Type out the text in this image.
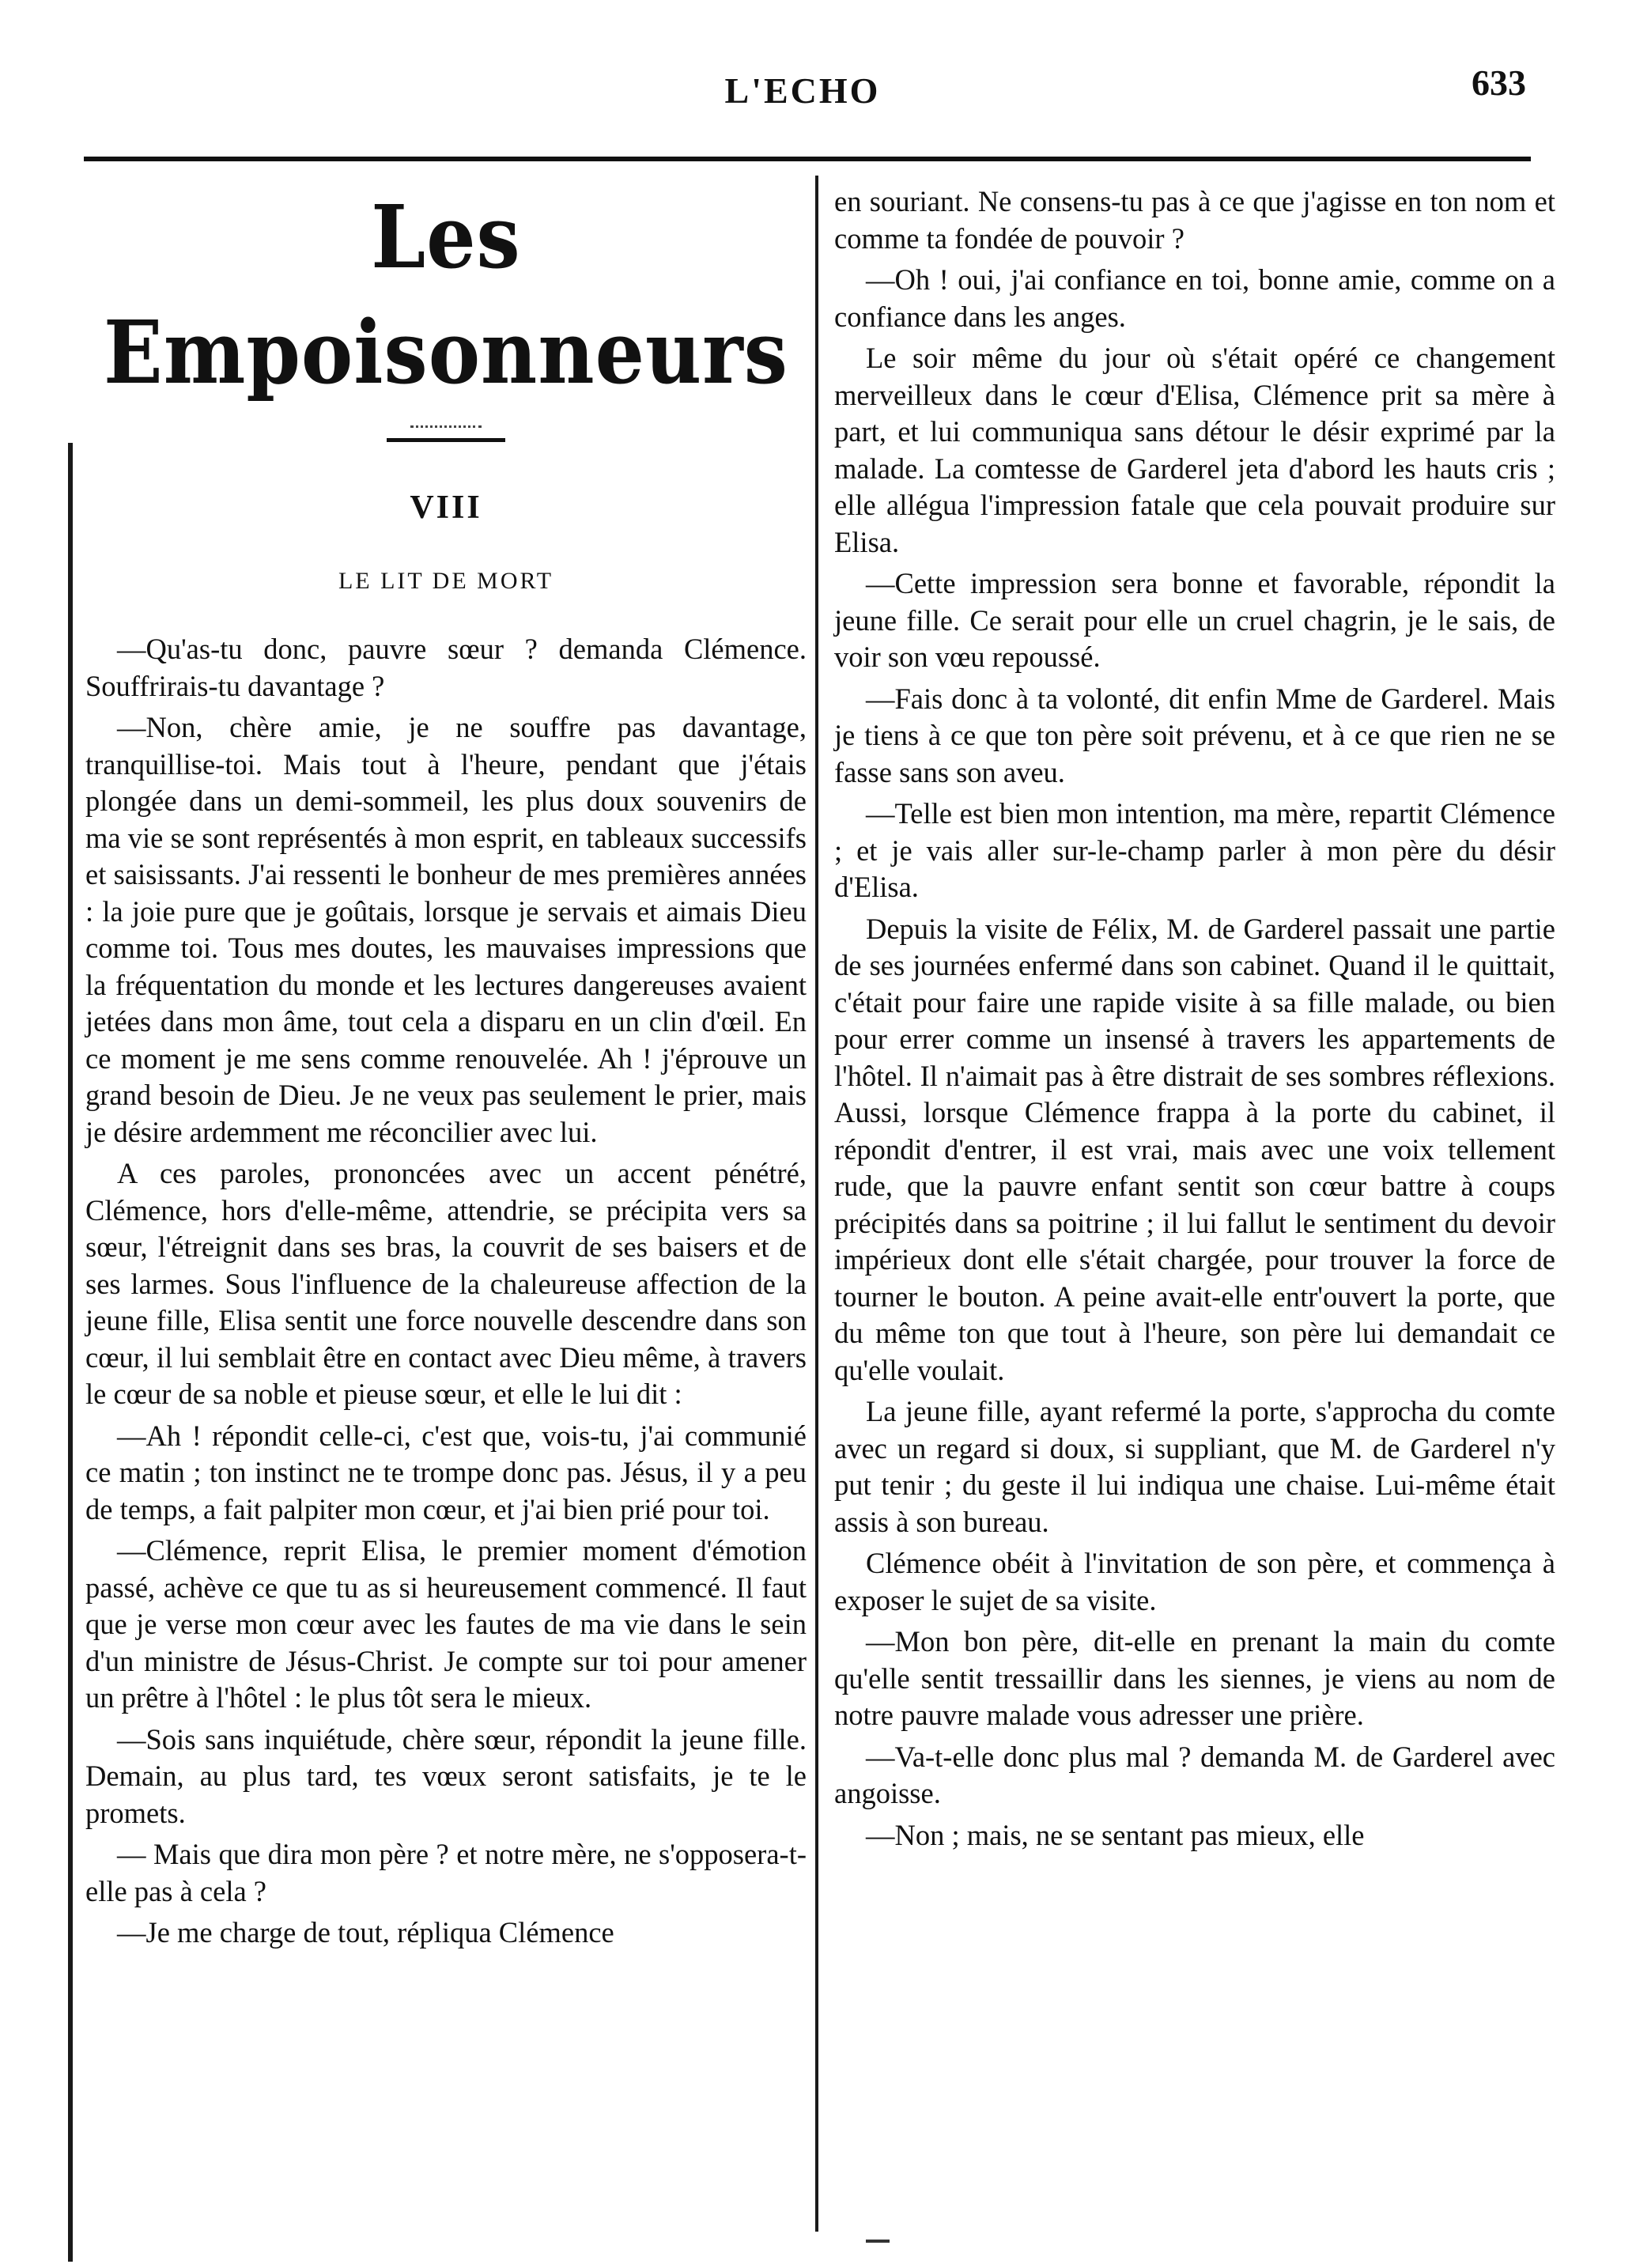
L'ECHO	633
Les Empoisonneurs
VIII
LE LIT DE MORT

—Qu'as-tu donc, pauvre sœur ? demanda Clémence. Souffrirais-tu davantage ?

—Non, chère amie, je ne souffre pas davantage, tranquillise-toi. Mais tout à l'heure, pendant que j'étais plongée dans un demi-sommeil, les plus doux souvenirs de ma vie se sont représentés à mon esprit, en tableaux successifs et saisissants. J'ai ressenti le bonheur de mes premières années : la joie pure que je goûtais, lorsque je servais et aimais Dieu comme toi. Tous mes doutes, les mauvaises impressions que la fréquentation du monde et les lectures dangereuses avaient jetées dans mon âme, tout cela a disparu en un clin d'œil. En ce moment je me sens comme renouvelée. Ah ! j'éprouve un grand besoin de Dieu. Je ne veux pas seulement le prier, mais je désire ardemment me réconcilier avec lui.

A ces paroles, prononcées avec un accent pénétré, Clémence, hors d'elle-même, attendrie, se précipita vers sa sœur, l'étreignit dans ses bras, la couvrit de ses baisers et de ses larmes. Sous l'influence de la chaleureuse affection de la jeune fille, Elisa sentit une force nouvelle descendre dans son cœur, il lui semblait être en contact avec Dieu même, à travers le cœur de sa noble et pieuse sœur, et elle le lui dit :

—Ah ! répondit celle-ci, c'est que, vois-tu, j'ai communié ce matin ; ton instinct ne te trompe donc pas. Jésus, il y a peu de temps, a fait palpiter mon cœur, et j'ai bien prié pour toi.

—Clémence, reprit Elisa, le premier moment d'émotion passé, achève ce que tu as si heureusement commencé. Il faut que je verse mon cœur avec les fautes de ma vie dans le sein d'un ministre de Jésus-Christ. Je compte sur toi pour amener un prêtre à l'hôtel : le plus tôt sera le mieux.

—Sois sans inquiétude, chère sœur, répondit la jeune fille. Demain, au plus tard, tes vœux seront satisfaits, je te le promets.

— Mais que dira mon père ? et notre mère, ne s'opposera-t-elle pas à cela ?

—Je me charge de tout, répliqua Clémence

en souriant. Ne consens-tu pas à ce que j'agisse en ton nom et comme ta fondée de pouvoir ?

—Oh ! oui, j'ai confiance en toi, bonne amie, comme on a confiance dans les anges.

Le soir même du jour où s'était opéré ce changement merveilleux dans le cœur d'Elisa, Clémence prit sa mère à part, et lui communiqua sans détour le désir exprimé par la malade. La comtesse de Garderel jeta d'abord les hauts cris ; elle allégua l'impression fatale que cela pouvait produire sur Elisa.

—Cette impression sera bonne et favorable, répondit la jeune fille. Ce serait pour elle un cruel chagrin, je le sais, de voir son vœu repoussé.

—Fais donc à ta volonté, dit enfin Mme de Garderel. Mais je tiens à ce que ton père soit prévenu, et à ce que rien ne se fasse sans son aveu.

—Telle est bien mon intention, ma mère, repartit Clémence ; et je vais aller sur-le-champ parler à mon père du désir d'Elisa.

Depuis la visite de Félix, M. de Garderel passait une partie de ses journées enfermé dans son cabinet. Quand il le quittait, c'était pour faire une rapide visite à sa fille malade, ou bien pour errer comme un insensé à travers les appartements de l'hôtel. Il n'aimait pas à être distrait de ses sombres réflexions. Aussi, lorsque Clémence frappa à la porte du cabinet, il répondit d'entrer, il est vrai, mais avec une voix tellement rude, que la pauvre enfant sentit son cœur battre à coups précipités dans sa poitrine ; il lui fallut le sentiment du devoir impérieux dont elle s'était chargée, pour trouver la force de tourner le bouton. A peine avait-elle entr'ouvert la porte, que du même ton que tout à l'heure, son père lui demandait ce qu'elle voulait.

La jeune fille, ayant refermé la porte, s'approcha du comte avec un regard si doux, si suppliant, que M. de Garderel n'y put tenir ; du geste il lui indiqua une chaise. Lui-même était assis à son bureau.

Clémence obéit à l'invitation de son père, et commença à exposer le sujet de sa visite.

—Mon bon père, dit-elle en prenant la main du comte qu'elle sentit tressaillir dans les siennes, je viens au nom de notre pauvre malade vous adresser une prière.

—Va-t-elle donc plus mal ? demanda M. de Garderel avec angoisse.

—Non ; mais, ne se sentant pas mieux, elle
